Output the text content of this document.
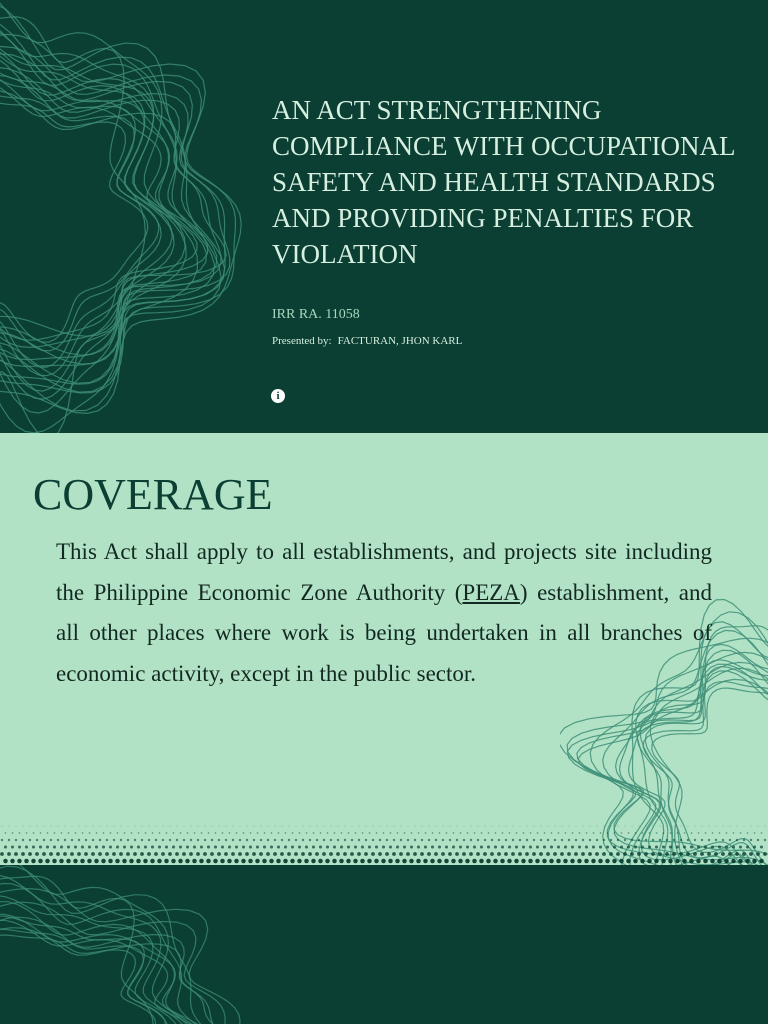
AN ACT STRENGTHENING COMPLIANCE WITH OCCUPATIONAL SAFETY AND HEALTH STANDARDS AND PROVIDING PENALTIES FOR VIOLATION

IRR RA. 11058

Presented by: FACTURAN, JHON KARL

i
COVERAGE

This Act shall apply to all establishments, and projects site including the Philippine Economic Zone Authority (PEZA) establishment, and all other places where work is being undertaken in all branches of economic activity, except in the public sector.
